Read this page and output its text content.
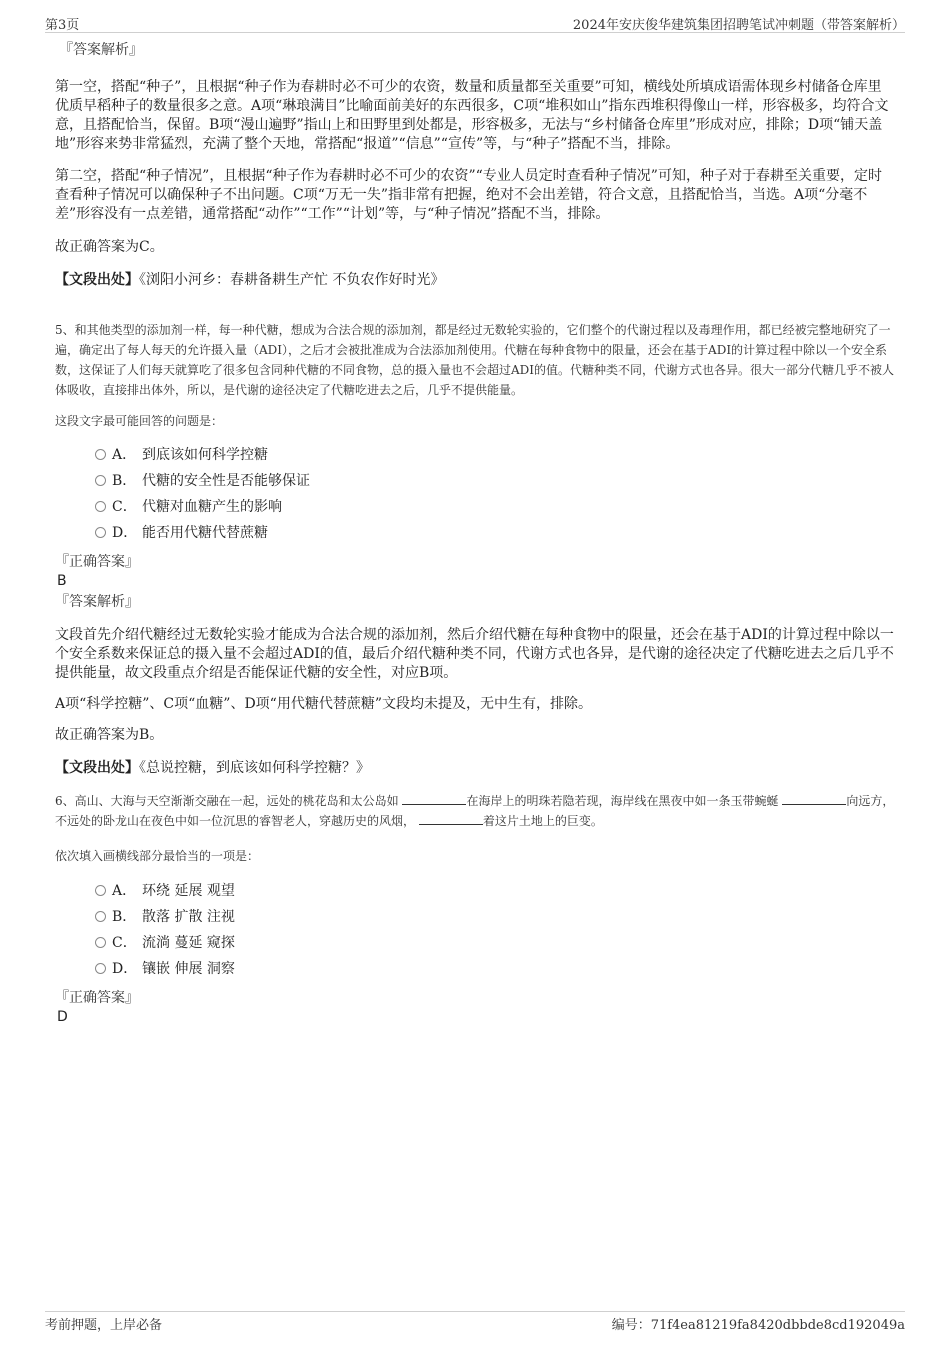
第3页	2024年安庆俊华建筑集团招聘笔试冲刺题（带答案解析）

『答案解析』

第一空，搭配“种子”，且根据“种子作为春耕时必不可少的农资，数量和质量都至关重要”可知，横线处所填成语需体现乡村储备仓库里优质早稻种子的数量很多之意。A项“琳琅满目”比喻面前美好的东西很多，C项“堆积如山”指东西堆积得像山一样，形容极多，均符合文意，且搭配恰当，保留。B项“漫山遍野”指山上和田野里到处都是，形容极多，无法与“乡村储备仓库里”形成对应，排除；D项“铺天盖地”形容来势非常猛烈，充满了整个天地，常搭配“报道”“信息”“宣传”等，与“种子”搭配不当，排除。

第二空，搭配“种子情况”，且根据“种子作为春耕时必不可少的农资”“专业人员定时查看种子情况”可知，种子对于春耕至关重要，定时查看种子情况可以确保种子不出问题。C项“万无一失”指非常有把握，绝对不会出差错，符合文意，且搭配恰当，当选。A项“分毫不差”形容没有一点差错，通常搭配“动作”“工作”“计划”等，与“种子情况”搭配不当，排除。

故正确答案为C。

【文段出处】《浏阳小河乡：春耕备耕生产忙 不负农作好时光》

5、和其他类型的添加剂一样，每一种代糖，想成为合法合规的添加剂，都是经过无数轮实验的，它们整个的代谢过程以及毒理作用，都已经被完整地研究了一遍，确定出了每人每天的允许摄入量（ADI），之后才会被批准成为合法添加剂使用。代糖在每种食物中的限量，还会在基于ADI的计算过程中除以一个安全系数，这保证了人们每天就算吃了很多包含同种代糖的不同食物，总的摄入量也不会超过ADI的值。代糖种类不同，代谢方式也各异。很大一部分代糖几乎不被人体吸收，直接排出体外，所以，是代谢的途径决定了代糖吃进去之后，几乎不提供能量。

这段文字最可能回答的问题是：

A． 到底该如何科学控糖
B． 代糖的安全性是否能够保证
C． 代糖对血糖产生的影响
D． 能否用代糖代替蔗糖

『正确答案』

B

『答案解析』

文段首先介绍代糖经过无数轮实验才能成为合法合规的添加剂，然后介绍代糖在每种食物中的限量，还会在基于ADI的计算过程中除以一个安全系数来保证总的摄入量不会超过ADI的值，最后介绍代糖种类不同，代谢方式也各异，是代谢的途径决定了代糖吃进去之后几乎不提供能量，故文段重点介绍是否能保证代糖的安全性，对应B项。

A项“科学控糖”、C项“血糖”、D项“用代糖代替蔗糖”文段均未提及，无中生有，排除。

故正确答案为B。

【文段出处】《总说控糖，到底该如何科学控糖？》

6、高山、大海与天空渐渐交融在一起，远处的桃花岛和太公岛如	在海岸上的明珠若隐若现，海岸线在黑夜中如一条玉带蜿蜒	向远方，不远处的卧龙山在夜色中如一位沉思的睿智老人，穿越历史的风烟，	着这片土地上的巨变。

依次填入画横线部分最恰当的一项是：

A． 环绕 延展 观望
B． 散落 扩散 注视
C． 流淌 蔓延 窥探
D． 镶嵌 伸展 洞察

『正确答案』

D

考前押题，上岸必备	编号：71f4ea81219fa8420dbbde8cd192049a
